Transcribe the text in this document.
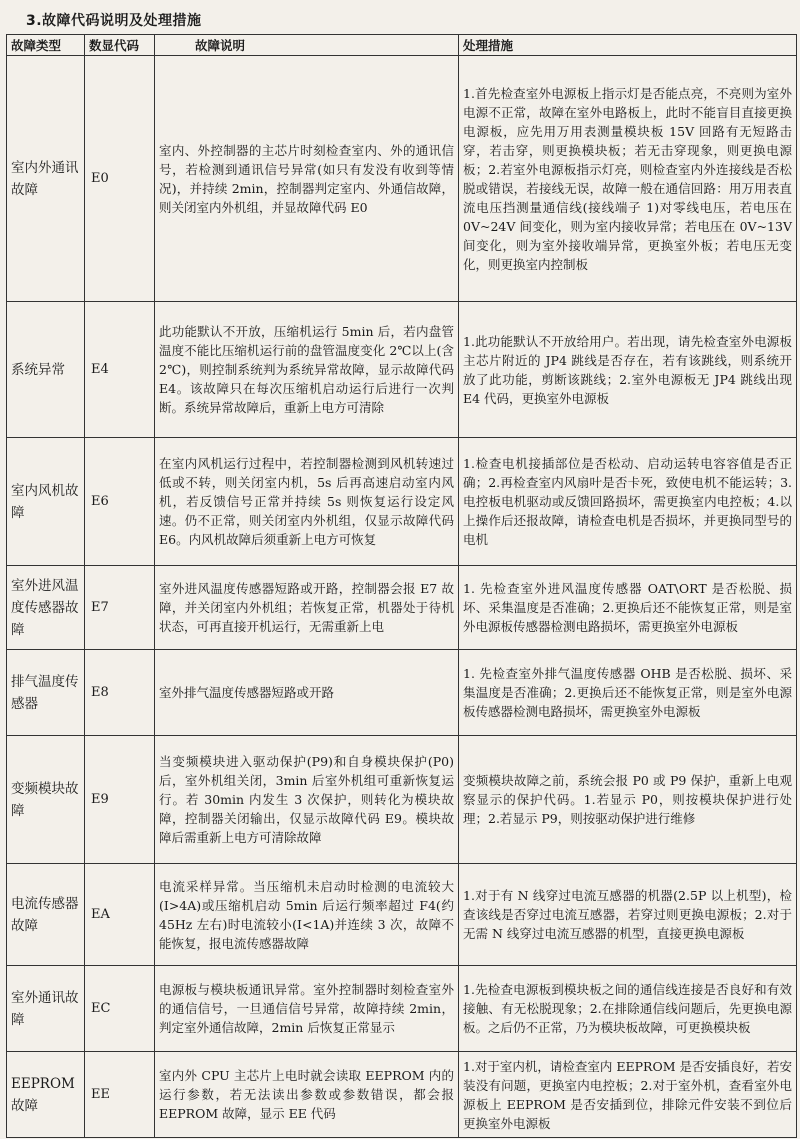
3.故障代码说明及处理措施
故障类型	数显代码	故障说明	处理措施
室内外通讯故障	E0	室内、外控制器的主芯片时刻检查室内、外的通讯信号，若检测到通讯信号异常(如只有发没有收到等情况)，并持续 2min，控制器判定室内、外通信故障，则关闭室内外机组，并显故障代码 E0	1.首先检查室外电源板上指示灯是否能点亮，不亮则为室外电源不正常，故障在室外电路板上，此时不能盲目直接更换电源板，应先用万用表测量模块板 15V 回路有无短路击穿，若击穿，则更换模块板；若无击穿现象，则更换电源板；2.若室外电源板指示灯亮，则检查室内外连接线是否松脱或错误，若接线无误，故障一般在通信回路：用万用表直流电压挡测量通信线(接线端子 1)对零线电压，若电压在 0V~24V 间变化，则为室内接收异常；若电压在 0V~13V 间变化，则为室外接收端异常，更换室外板；若电压无变化，则更换室内控制板
系统异常	E4	此功能默认不开放，压缩机运行 5min 后，若内盘管温度不能比压缩机运行前的盘管温度变化 2℃以上(含 2℃)，则控制系统判为系统异常故障，显示故障代码 E4。该故障只在每次压缩机启动运行后进行一次判断。系统异常故障后，重新上电方可清除	1.此功能默认不开放给用户。若出现，请先检查室外电源板主芯片附近的 JP4 跳线是否存在，若有该跳线，则系统开放了此功能，剪断该跳线；2.室外电源板无 JP4 跳线出现 E4 代码，更换室外电源板
室内风机故障	E6	在室内风机运行过程中，若控制器检测到风机转速过低或不转，则关闭室内机，5s 后再高速启动室内风机，若反馈信号正常并持续 5s 则恢复运行设定风速。仍不正常，则关闭室内外机组，仅显示故障代码 E6。内风机故障后须重新上电方可恢复	1.检查电机接插部位是否松动、启动运转电容容值是否正确；2.再检查室内风扇叶是否卡死，致使电机不能运转；3. 电控板电机驱动或反馈回路损坏，需更换室内电控板；4.以上操作后还报故障，请检查电机是否损坏，并更换同型号的电机
室外进风温度传感器故障	E7	室外进风温度传感器短路或开路，控制器会报 E7 故障，并关闭室内外机组；若恢复正常，机器处于待机状态，可再直接开机运行，无需重新上电	1. 先检查室外进风温度传感器 OAT\ORT 是否松脱、损坏、采集温度是否准确；2.更换后还不能恢复正常，则是室外电源板传感器检测电路损坏，需更换室外电源板
排气温度传感器	E8	室外排气温度传感器短路或开路	1. 先检查室外排气温度传感器 OHB 是否松脱、损坏、采集温度是否准确；2.更换后还不能恢复正常，则是室外电源板传感器检测电路损坏，需更换室外电源板
变频模块故障	E9	当变频模块进入驱动保护(P9)和自身模块保护(P0)后，室外机组关闭，3min 后室外机组可重新恢复运行。若 30min 内发生 3 次保护，则转化为模块故障，控制器关闭输出，仅显示故障代码 E9。模块故障后需重新上电方可清除故障	变频模块故障之前，系统会报 P0 或 P9 保护，重新上电观察显示的保护代码。1.若显示 P0，则按模块保护进行处理；2.若显示 P9，则按驱动保护进行维修
电流传感器故障	EA	电流采样异常。当压缩机未启动时检测的电流较大(I>4A)或压缩机启动 5min 后运行频率超过 F4(约 45Hz 左右)时电流较小(I<1A)并连续 3 次，故障不能恢复，报电流传感器故障	1.对于有 N 线穿过电流互感器的机器(2.5P 以上机型)，检查该线是否穿过电流互感器，若穿过则更换电源板；2.对于无需 N 线穿过电流互感器的机型，直接更换电源板
室外通讯故障	EC	电源板与模块板通讯异常。室外控制器时刻检查室外的通信信号，一旦通信信号异常，故障持续 2min，判定室外通信故障，2min 后恢复正常显示	1.先检查电源板到模块板之间的通信线连接是否良好和有效接触、有无松脱现象；2.在排除通信线问题后，先更换电源板。之后仍不正常，乃为模块板故障，可更换模块板
EEPROM 故障	EE	室内外 CPU 主芯片上电时就会读取 EEPROM 内的运行参数，若无法读出参数或参数错误，都会报 EEPROM 故障，显示 EE 代码	1.对于室内机，请检查室内 EEPROM 是否安插良好，若安装没有问题，更换室内电控板；2.对于室外机，查看室外电源板上 EEPROM 是否安插到位，排除元件安装不到位后更换室外电源板
